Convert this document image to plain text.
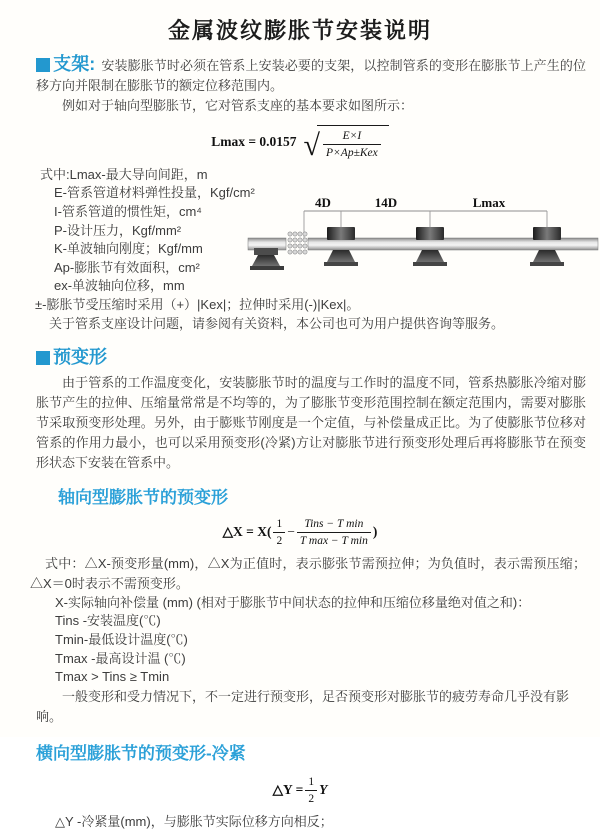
金属波纹膨胀节安装说明

支架: 安装膨胀节时必须在管系上安装必要的支架，以控制管系的变形在膨胀节上产生的位移方向并限制在膨胀节的额定位移范围内。

例如对于轴向型膨胀节，它对管系支座的基本要求如图所示：

Lmax = 0.0157 √ $\frac{E\times I}{\text{P×Ap±Kex}}$
式中:Lmax-最大导向间距，m
E-管系管道材料弹性投量，Kgf/cm²
I-管系管道的惯性矩，cm⁴
P-设计压力，Kgf/mm²
K-单波轴向刚度；Kgf/mm
Ap-膨胀节有效面积，cm²
ex-单波轴向位移，mm
4D	14D	Lmax

±-膨胀节受压缩时采用（+）|Kex|；拉伸时采用(-)|Kex|。

关于管系支座设计问题，请参阅有关资料，本公司也可为用户提供咨询等服务。

预变形

由于管系的工作温度变化，安装膨胀节时的温度与工作时的温度不同，管系热膨胀冷缩对膨胀节产生的拉伸、压缩量常常是不均等的，为了膨胀节变形范围控制在额定范围内，需要对膨胀节采取预变形处理。另外，由于膨账节刚度是一个定值，与补偿量成正比。为了使膨胀节位移对管系的作用力最小，也可以采用预变形(冷紧)方让对膨胀节进行预变形处理后再将膨胀节在预变形状态下安装在管系中。

轴向型膨胀节的预变形
△X = $X( \frac{1}{2} - \frac{\text{Tins − T min}}{\text{T max − T min}}$ )

式中：△X-预变形量(mm)，△X为正值时，表示膨张节需预拉伸；为负值时，表示需预压缩；△X＝0时表示不需预变形。

X-实际轴向补偿量 (mm) (相对于膨胀节中间状态的拉伸和压缩位移量绝对值之和)：
Tins -安装温度(℃)
Tmin-最低设计温度(℃)
Tmax -最高设计温 (℃)
Tmax > Tins ≥ Tmin

一般变形和受力情况下，不一定进行预变形，足否预变形对膨胀节的疲劳寿命几乎没有影响。

横向型膨胀节的预变形-冷紧
△Y = $\frac{1}{2}$ Y

△Y -冷紧量(mm)，与膨胀节实际位移方向相反；
